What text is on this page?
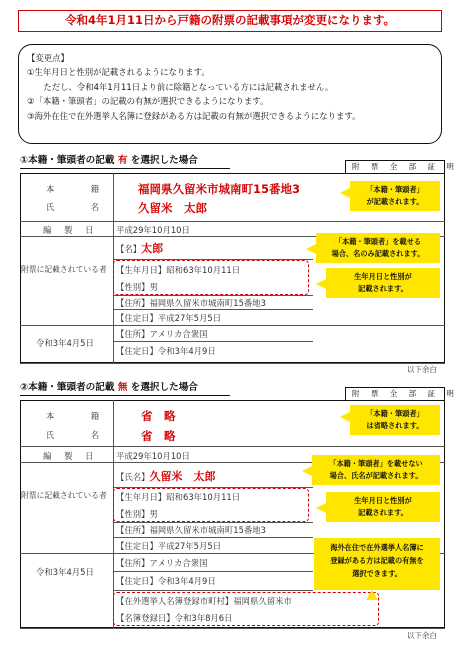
令和4年1月11日から戸籍の附票の記載事項が変更になります。
【変更点】
①生年月日と性別が記載されるようになります。
　ただし、令和4年1月11日より前に除籍となっている方には記載されません。
②「本籍・筆頭者」の記載の有無が選択できるようになります。
③海外在住で在外選挙人名簿に登録がある方は記載の有無が選択できるようになります。
①本籍・筆頭者の記載 有 を選択した場合
附 票 全 部 証 明
本　籍
氏　名
福岡県久留米市城南町15番地3
久留米　太郎
編 製 日 平成29年10月10日
附票に記載されている者
【名】太郎
【生年月日】昭和63年10月11日
【性別】男
【住所】福岡県久留米市城南町15番地3
【住定日】平成27年5月5日
令和3年4月5日
【住所】アメリカ合衆国
【住定日】令和3年4月9日
以下余白
「本籍・筆頭者」
が記載されます。
「本籍・筆頭者」を載せる
場合、名のみ記載されます。
生年月日と性別が
記載されます。
②本籍・筆頭者の記載 無 を選択した場合
附 票 全 部 証 明
本　籍
氏　名
省　略
省　略
編 製 日 平成29年10月10日
附票に記載されている者
【氏名】久留米　太郎
【生年月日】昭和63年10月11日
【性別】男
【住所】福岡県久留米市城南町15番地3
【住定日】平成27年5月5日
令和3年4月5日
【住所】アメリカ合衆国
【住定日】令和3年4月9日
【在外選挙人名簿登録市町村】福岡県久留米市
【名簿登録日】令和3年8月6日
以下余白
「本籍・筆頭者」
は省略されます。
「本籍・筆頭者」を載せない
場合、氏名が記載されます。
生年月日と性別が
記載されます。
海外在住で在外選挙人名簿に
登録がある方は記載の有無を
選択できます。
